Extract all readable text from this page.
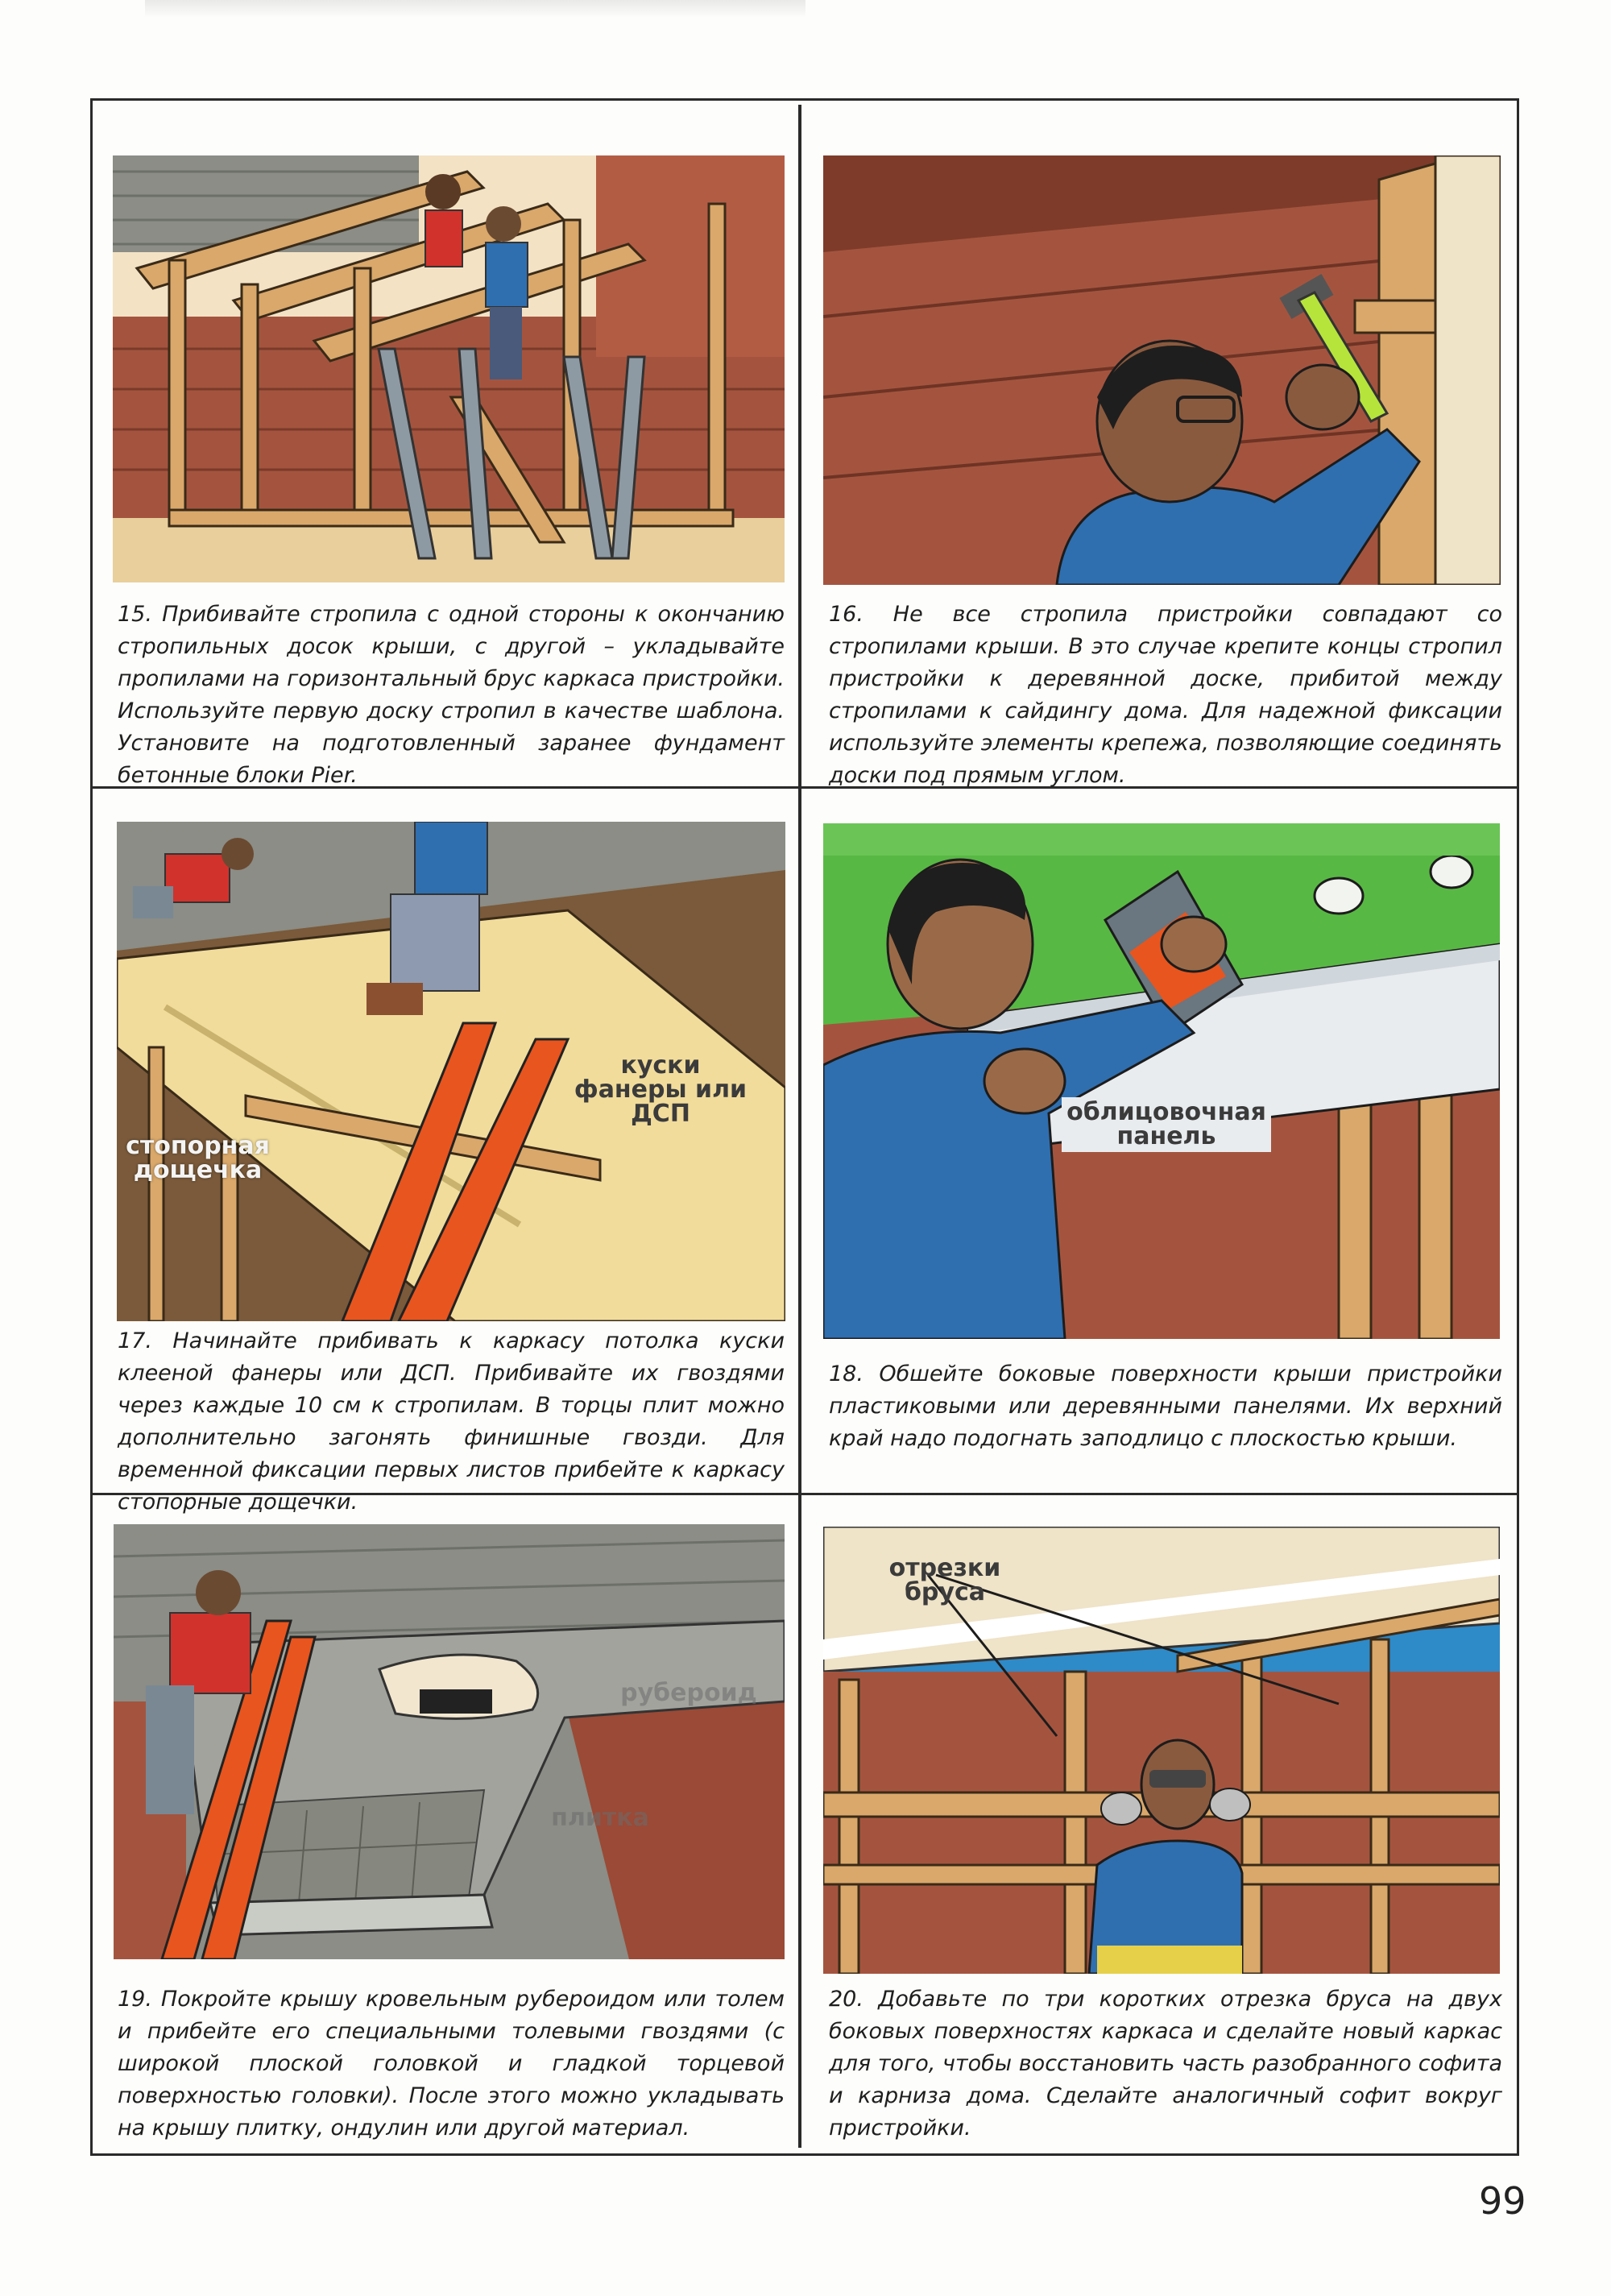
15. Прибивайте стропила с одной стороны к окончанию стропильных досок крыши, с другой – укладывайте пропилами на горизонтальный брус каркаса пристройки. Используйте первую доску стропил в качестве шаблона. Установите на подготовленный заранее фундамент бетонные блоки Pier.

16. Не все стропила пристройки совпадают со стропилами крыши. В это случае крепите концы стропил пристройки к деревянной доске, прибитой между стропилами к сайдингу дома. Для надежной фиксации используйте элементы крепежа, позволяющие соединять доски под прямым углом.

куски фанеры или ДСП
стопорная дощечка

17. Начинайте прибивать к каркасу потолка куски клееной фанеры или ДСП. Прибивайте их гвоздями через каждые 10 см к стропилам. В торцы плит можно дополнительно загонять финишные гвозди. Для временной фиксации первых листов прибейте к каркасу стопорные дощечки.

облицовочная панель

18. Обшейте боковые поверхности крыши пристройки пластиковыми или деревянными панелями. Их верхний край надо подогнать заподлицо с плоскостью крыши.

рубероид
плитка

19. Покройте крышу кровельным рубероидом или толем и прибейте его специальными толевыми гвоздями (с широкой плоской головкой и гладкой торцевой поверхностью головки). После этого можно укладывать на крышу плитку, ондулин или другой материал.

отрезки бруса

20. Добавьте по три коротких отрезка бруса на двух боковых поверхностях каркаса и сделайте новый каркас для того, чтобы восстановить часть разобранного софита и карниза дома. Сделайте аналогичный софит вокруг пристройки.

99
